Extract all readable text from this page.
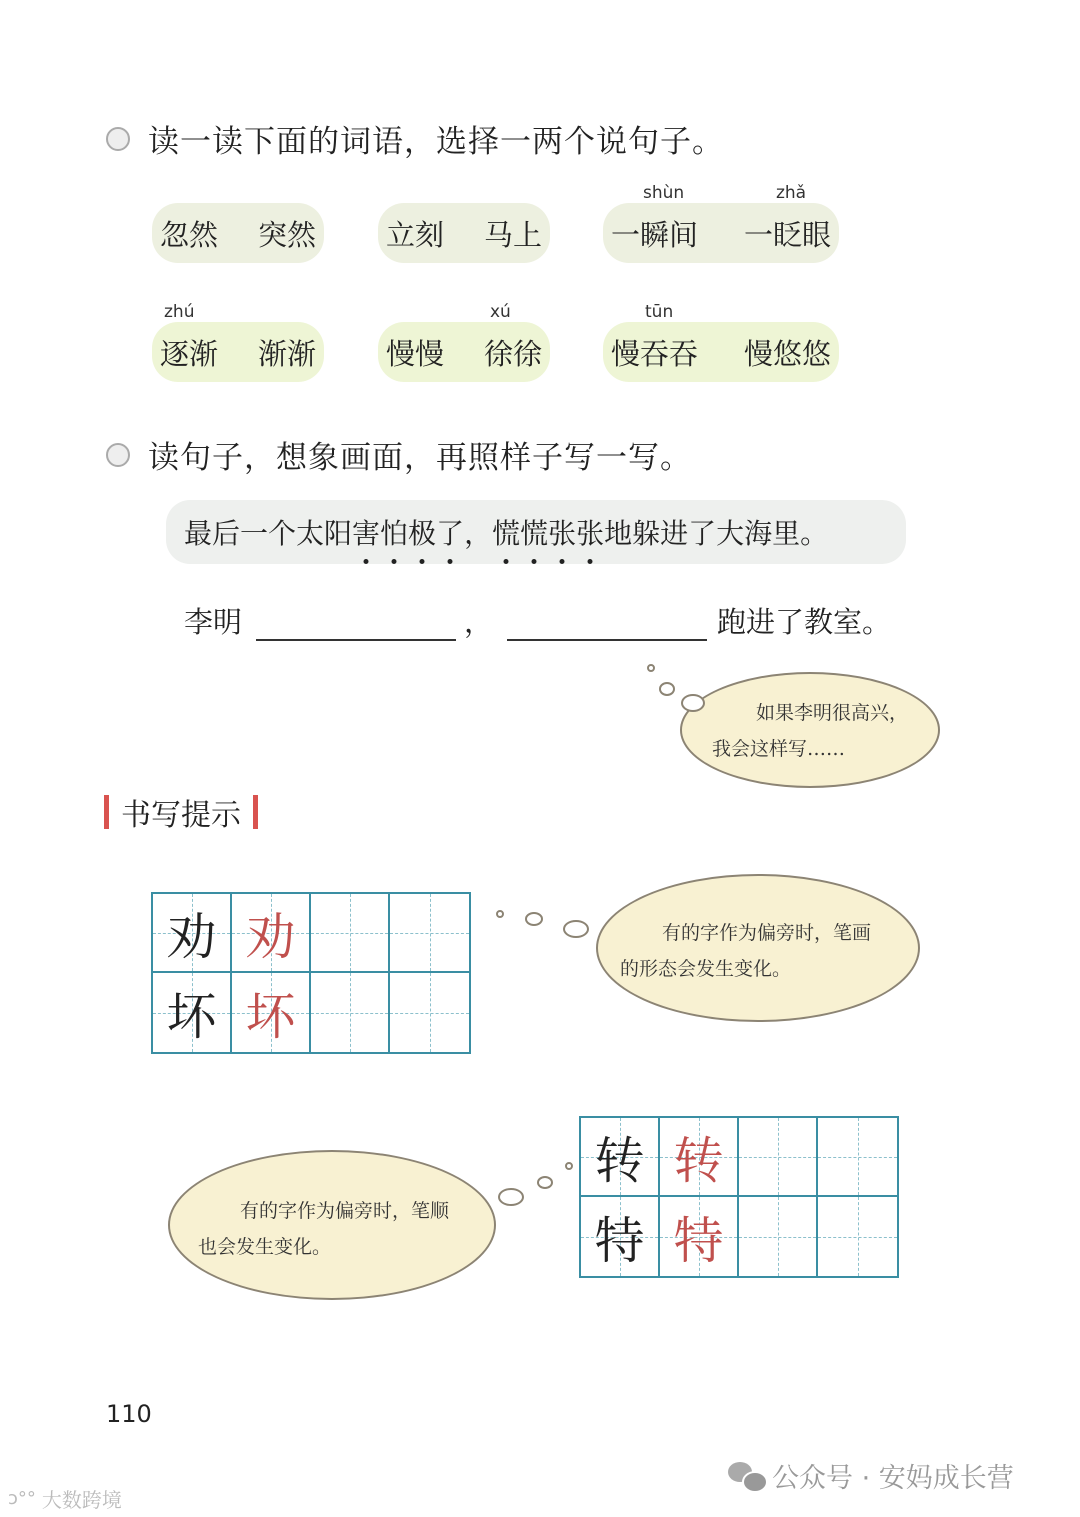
读一读下面的词语，选择一两个说句子。
忽然 突然 立刻 马上
shùn
一瞬间
zhǎ
一眨眼
zhú
逐渐 渐渐 慢慢
xú
徐徐
tūn
慢吞吞 慢悠悠
读句子，想象画面，再照样子写一写。
最后一个太阳 害 怕 极 了 ， 慌 慌 张 张 地躲进了大海里。
李明	，	跑进了教室。
如果李明很高兴，
我会这样写……
书写提示
劝 劝
坏 坏
有的字作为偏旁时，笔画
的形态会发生变化。
有的字作为偏旁时，笔顺
也会发生变化。
转 转
特 特
110
ↄ°° 大数跨境
公众号 · 安妈成长营
